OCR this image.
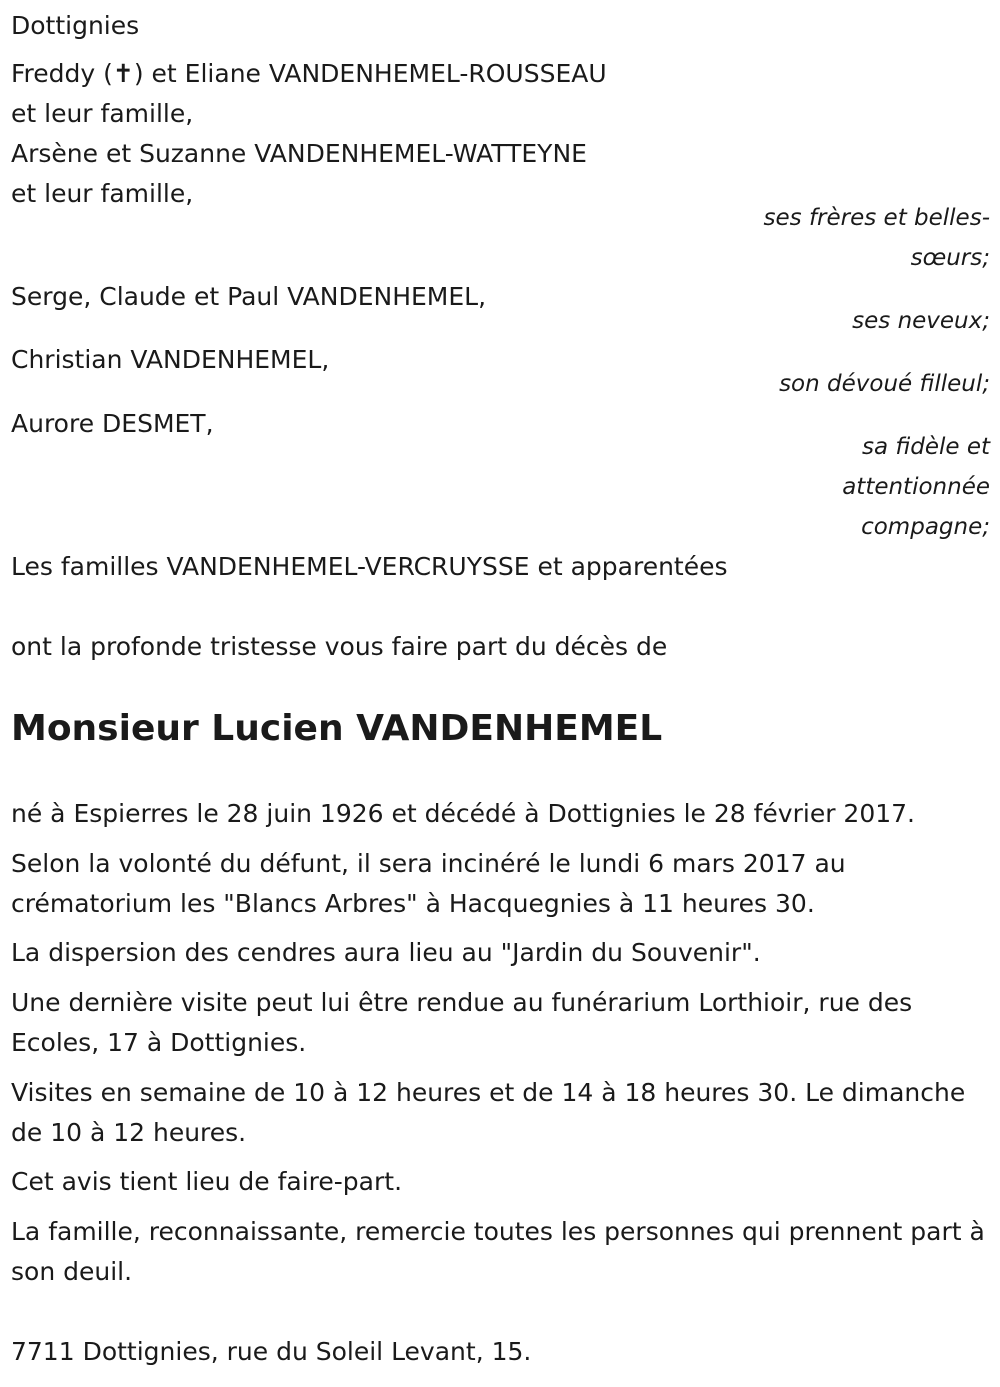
Dottignies
Freddy (✝) et Eliane VANDENHEMEL-ROUSSEAU
et leur famille,
Arsène et Suzanne VANDENHEMEL-WATTEYNE
et leur famille,
ses frères et belles-
sœurs;
Serge, Claude et Paul VANDENHEMEL,
ses neveux;
Christian VANDENHEMEL,
son dévoué filleul;
Aurore DESMET,
sa fidèle et
attentionnée
compagne;
Les familles VANDENHEMEL-VERCRUYSSE et apparentées
ont la profonde tristesse vous faire part du décès de
Monsieur Lucien VANDENHEMEL
né à Espierres le 28 juin 1926 et décédé à Dottignies le 28 février 2017.
Selon la volonté du défunt, il sera incinéré le lundi 6 mars 2017 au crématorium les "Blancs Arbres" à Hacquegnies à 11 heures 30.
La dispersion des cendres aura lieu au "Jardin du Souvenir".
Une dernière visite peut lui être rendue au funérarium Lorthioir, rue des Ecoles, 17 à Dottignies.
Visites en semaine de 10 à 12 heures et de 14 à 18 heures 30. Le dimanche de 10 à 12 heures.
Cet avis tient lieu de faire-part.
La famille, reconnaissante, remercie toutes les personnes qui prennent part à son deuil.
7711 Dottignies, rue du Soleil Levant, 15.
